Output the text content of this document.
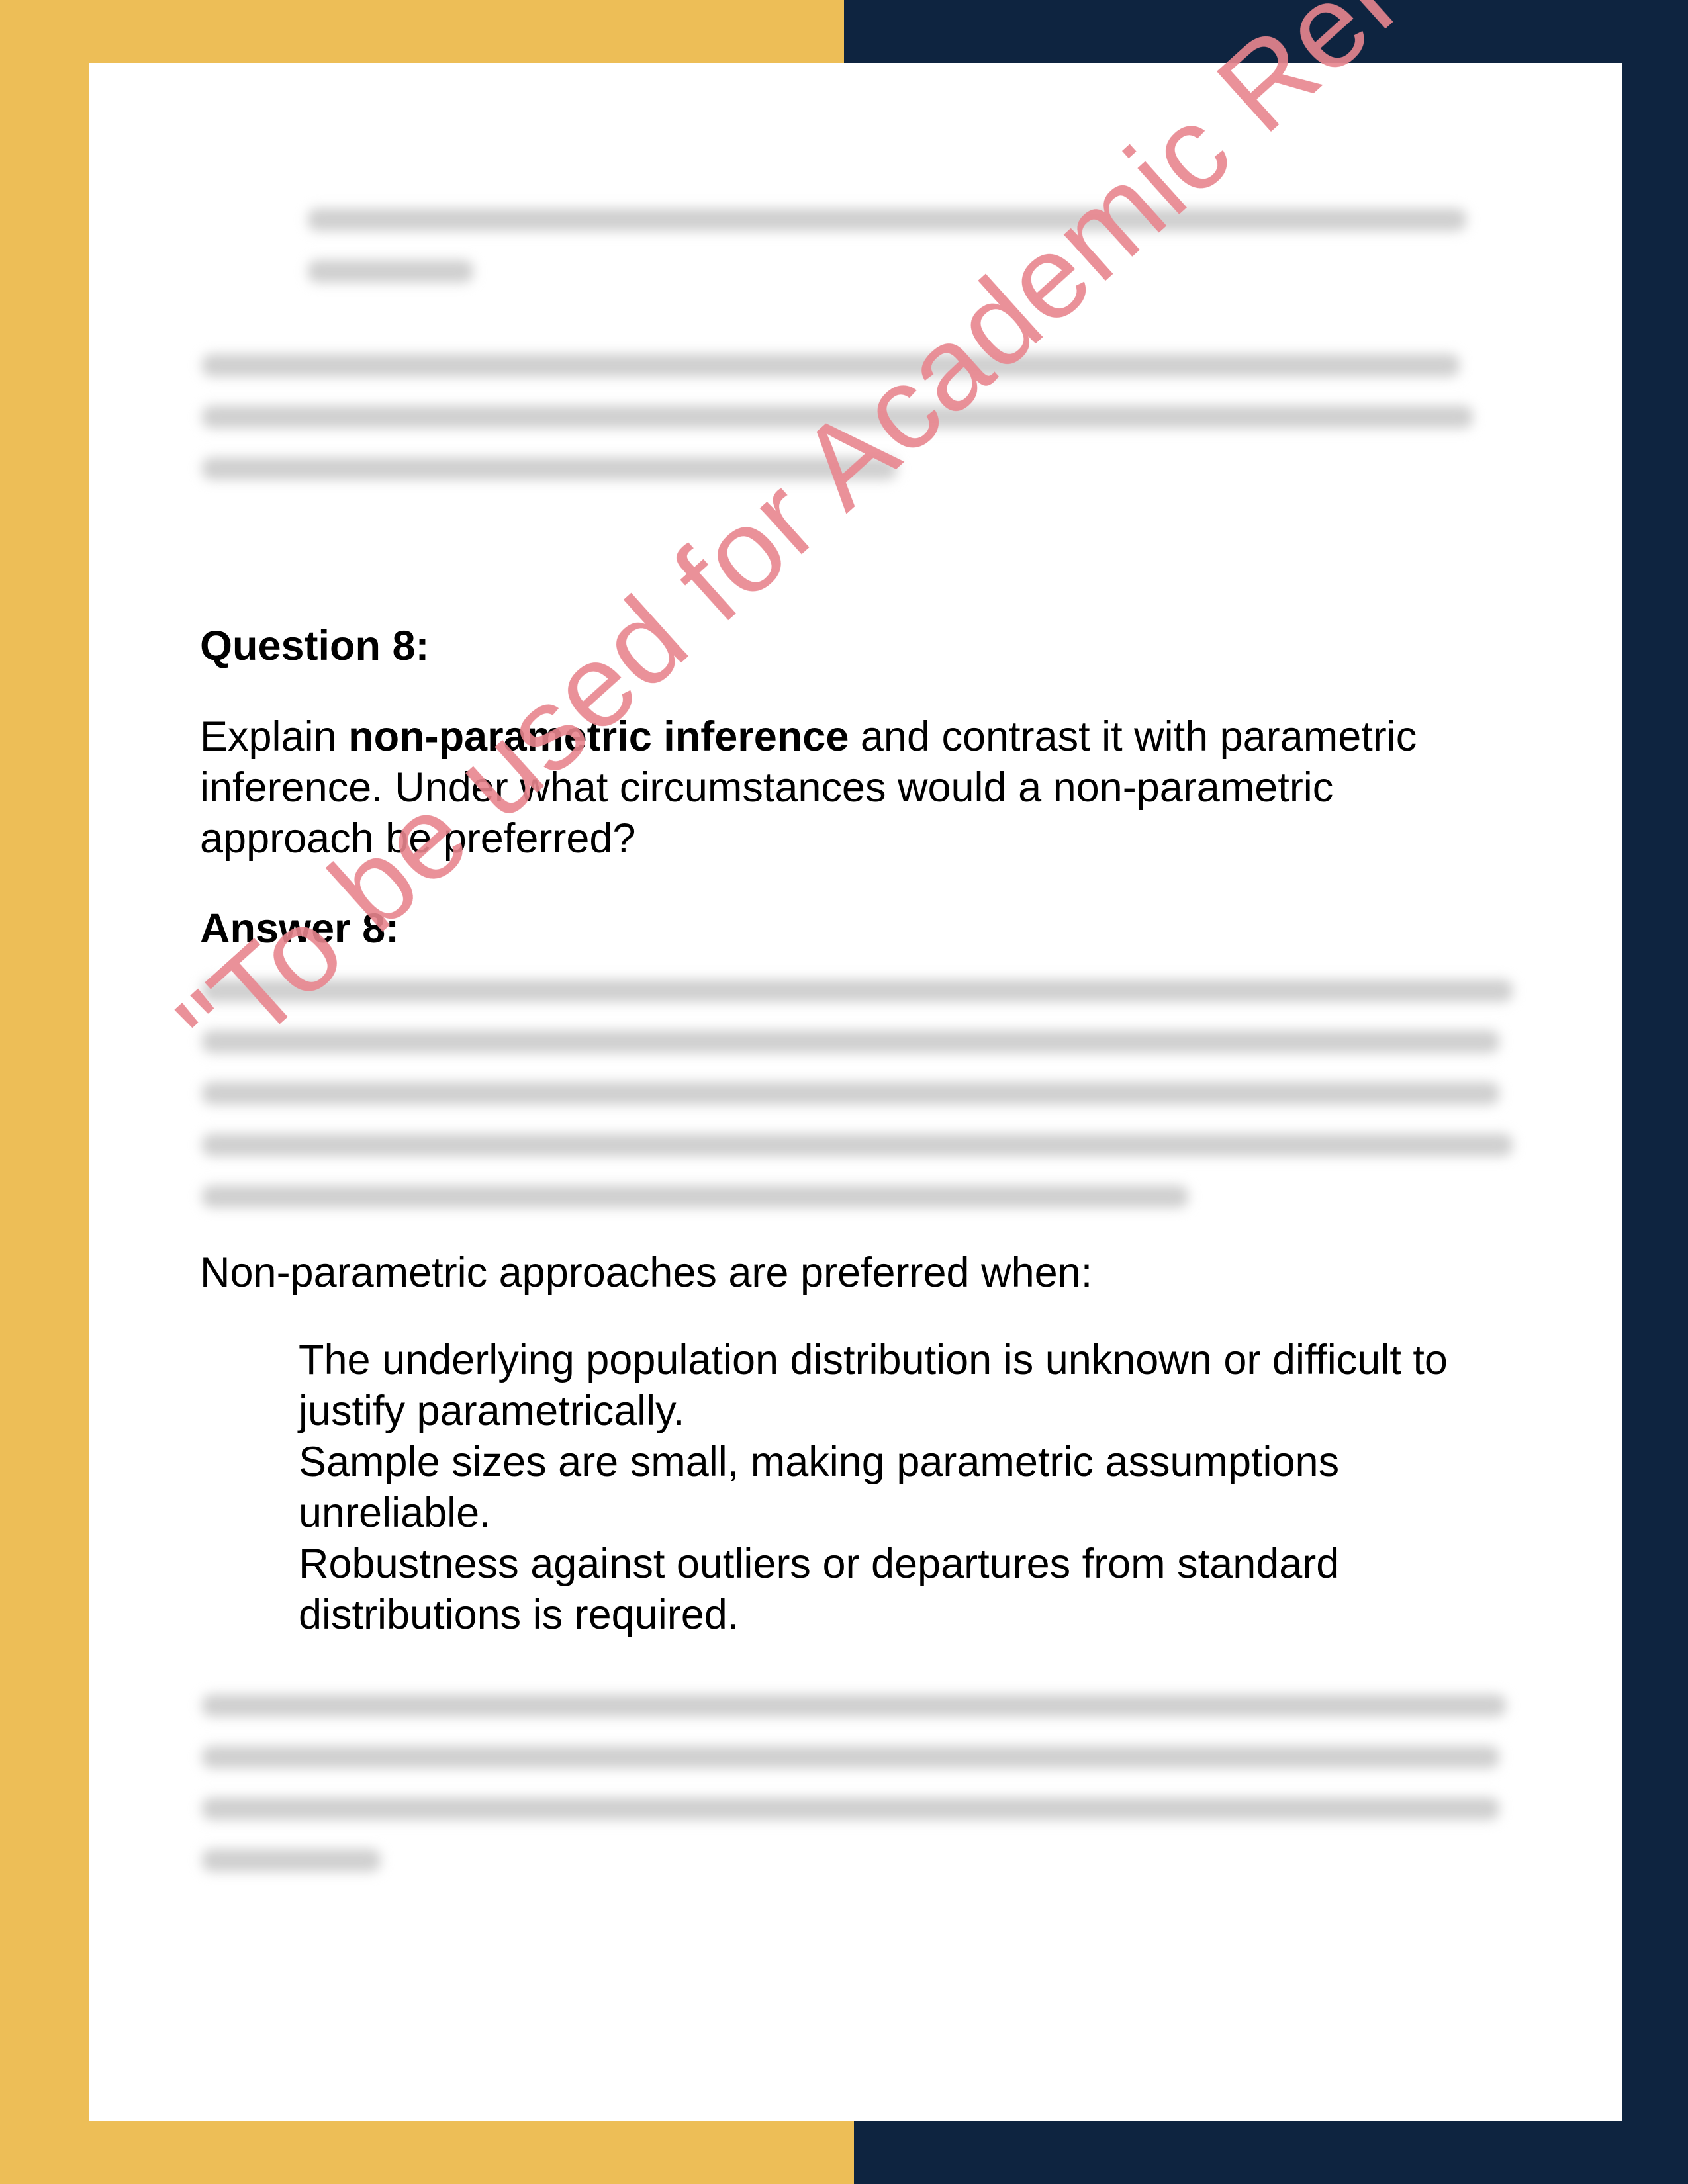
Question 8:
Explain non-parametric inference and contrast it with parametric inference. Under what circumstances would a non-parametric approach be preferred?
Answer 8:
Non-parametric approaches are preferred when:
The underlying population distribution is unknown or difficult to justify parametrically.
Sample sizes are small, making parametric assumptions unreliable.
Robustness against outliers or departures from standard distributions is required.
"To be used for Academic
